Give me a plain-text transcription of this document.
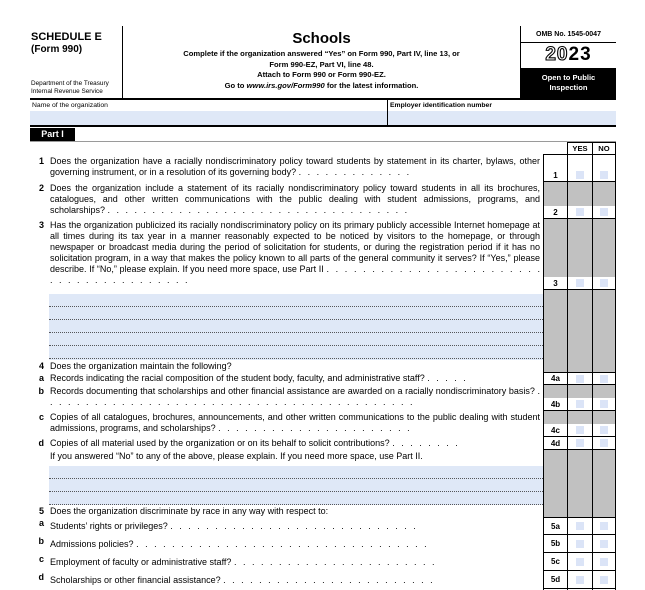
SCHEDULE E
(Form 990)
Department of the Treasury
Internal Revenue Service
Schools
Complete if the organization answered “Yes” on Form 990, Part IV, line 13, or
Form 990-EZ, Part VI, line 48.
Attach to Form 990 or Form 990-EZ.
Go to www.irs.gov/Form990 for the latest information.
OMB No. 1545-0047
2023
Open to Public
Inspection
Name of the organization	Employer identification number
Part I
YES	NO
1 Does the organization have a racially nondiscriminatory policy toward students by statement in its charter, bylaws, other governing instrument, or in a resolution of its governing body? . . . . . . . . . . . . .	1
2 Does the organization include a statement of its racially nondiscriminatory policy toward students in all its brochures, catalogues, and other written communications with the public dealing with student admissions, programs, and scholarships? . . . . . . . . . . . . . . . . . . . . . . . . . . . . . . . . . .	2
3 Has the organization publicized its racially nondiscriminatory policy on its primary publicly accessible Internet homepage at all times during its tax year in a manner reasonably expected to be noticed by visitors to the homepage, or through newspaper or broadcast media during the period of solicitation for students, or during the registration period if it has no solicitation program, in a way that makes the policy known to all parts of the general community it serves? If “Yes,” please describe. If “No,” please explain. If you need more space, use Part II . . . . . . . . . . . . . . . . . . . . . . . . . . . . . . . . . . . . . . . .	3
4 Does the organization maintain the following?
a Records indicating the racial composition of the student body, faculty, and administrative staff? . . . . .	4a
b Records documenting that scholarships and other financial assistance are awarded on a racially nondiscriminatory basis? . . . . . . . . . . . . . . . . . . . . . . . . . . . . . . . . . . . . . . . . . .	4b
c Copies of all catalogues, brochures, announcements, and other written communications to the public dealing with student admissions, programs, and scholarships? . . . . . . . . . . . . . . . . . . . . . .	4c
d Copies of all material used by the organization or on its behalf to solicit contributions? . . . . . . . .	4d
If you answered “No” to any of the above, please explain. If you need more space, use Part II.
5 Does the organization discriminate by race in any way with respect to:
a Students’ rights or privileges?
. . . . . . . . . . . . . . . . . . . . . . . . . . . .	5a
b Admissions policies?
. . . . . . . . . . . . . . . . . . . . . . . . . . . . . . . . .	5b
c Employment of faculty or administrative staff?
. . . . . . . . . . . . . . . . . . . . . . .	5c
d Scholarships or other financial assistance?
. . . . . . . . . . . . . . . . . . . . . . . .	5d
